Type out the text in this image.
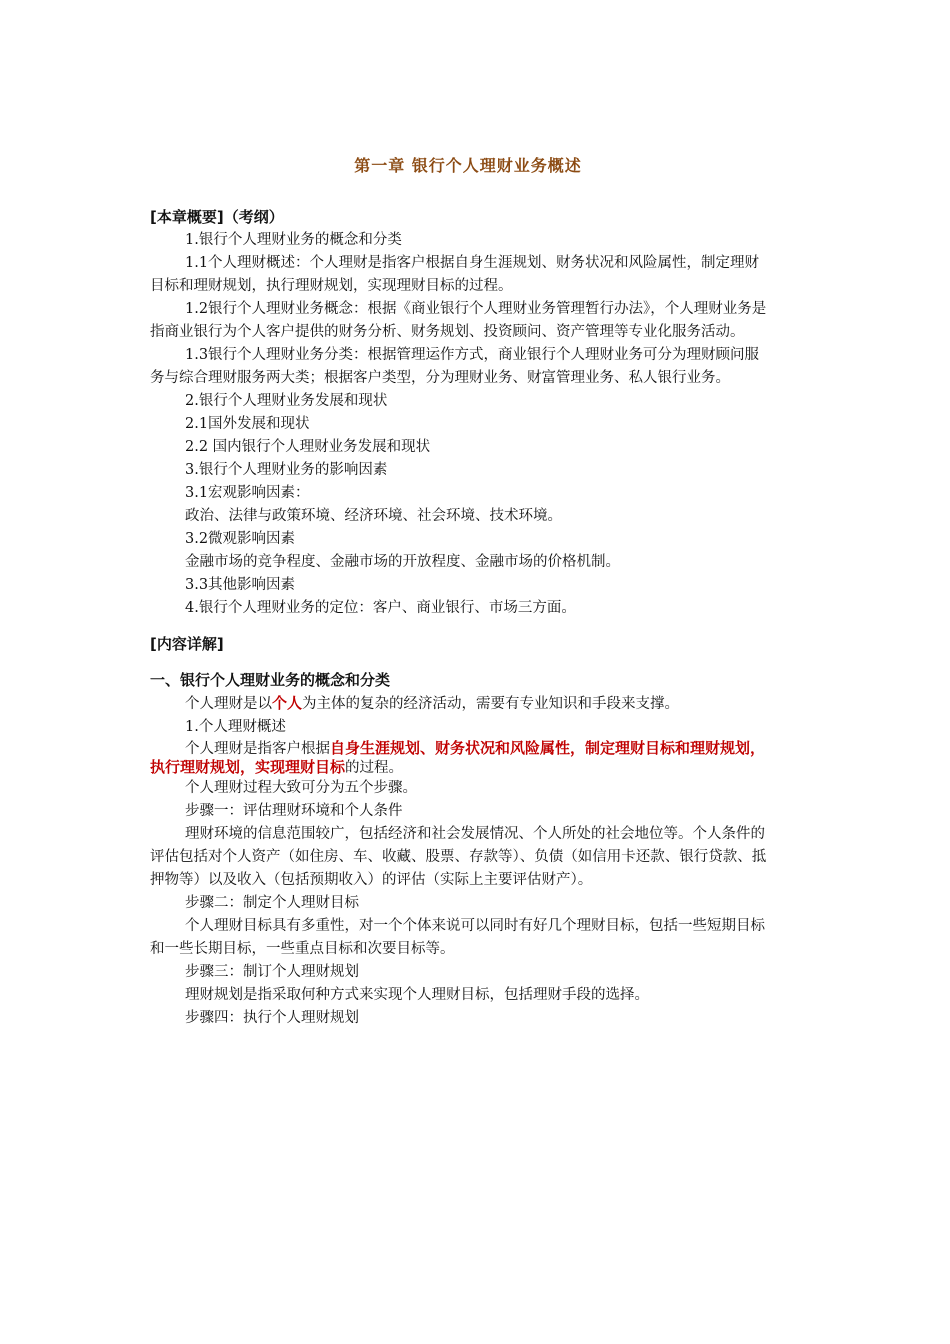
第一章 银行个人理财业务概述
[本章概要]（考纲）

1.银行个人理财业务的概念和分类

1.1个人理财概述：个人理财是指客户根据自身生涯规划、财务状况和风险属性，制定理财目标和理财规划，执行理财规划，实现理财目标的过程。

1.2银行个人理财业务概念：根据《商业银行个人理财业务管理暂行办法》，个人理财业务是指商业银行为个人客户提供的财务分析、财务规划、投资顾问、资产管理等专业化服务活动。

1.3银行个人理财业务分类：根据管理运作方式，商业银行个人理财业务可分为理财顾问服务与综合理财服务两大类；根据客户类型，分为理财业务、财富管理业务、私人银行业务。

2.银行个人理财业务发展和现状

2.1国外发展和现状

2.2 国内银行个人理财业务发展和现状

3.银行个人理财业务的影响因素

3.1宏观影响因素：

政治、法律与政策环境、经济环境、社会环境、技术环境。

3.2微观影响因素

金融市场的竞争程度、金融市场的开放程度、金融市场的价格机制。

3.3其他影响因素

4.银行个人理财业务的定位：客户、商业银行、市场三方面。

[内容详解]
一、银行个人理财业务的概念和分类

个人理财是以个人为主体的复杂的经济活动，需要有专业知识和手段来支撑。

1.个人理财概述

个人理财是指客户根据自身生涯规划、财务状况和风险属性，制定理财目标和理财规划，执行理财规划，实现理财目标的过程。

个人理财过程大致可分为五个步骤。

步骤一：评估理财环境和个人条件

理财环境的信息范围较广，包括经济和社会发展情况、个人所处的社会地位等。个人条件的评估包括对个人资产（如住房、车、收藏、股票、存款等）、负债（如信用卡还款、银行贷款、抵押物等）以及收入（包括预期收入）的评估（实际上主要评估财产）。

步骤二：制定个人理财目标

个人理财目标具有多重性，对一个个体来说可以同时有好几个理财目标，包括一些短期目标和一些长期目标，一些重点目标和次要目标等。

步骤三：制订个人理财规划

理财规划是指采取何种方式来实现个人理财目标，包括理财手段的选择。

步骤四：执行个人理财规划
